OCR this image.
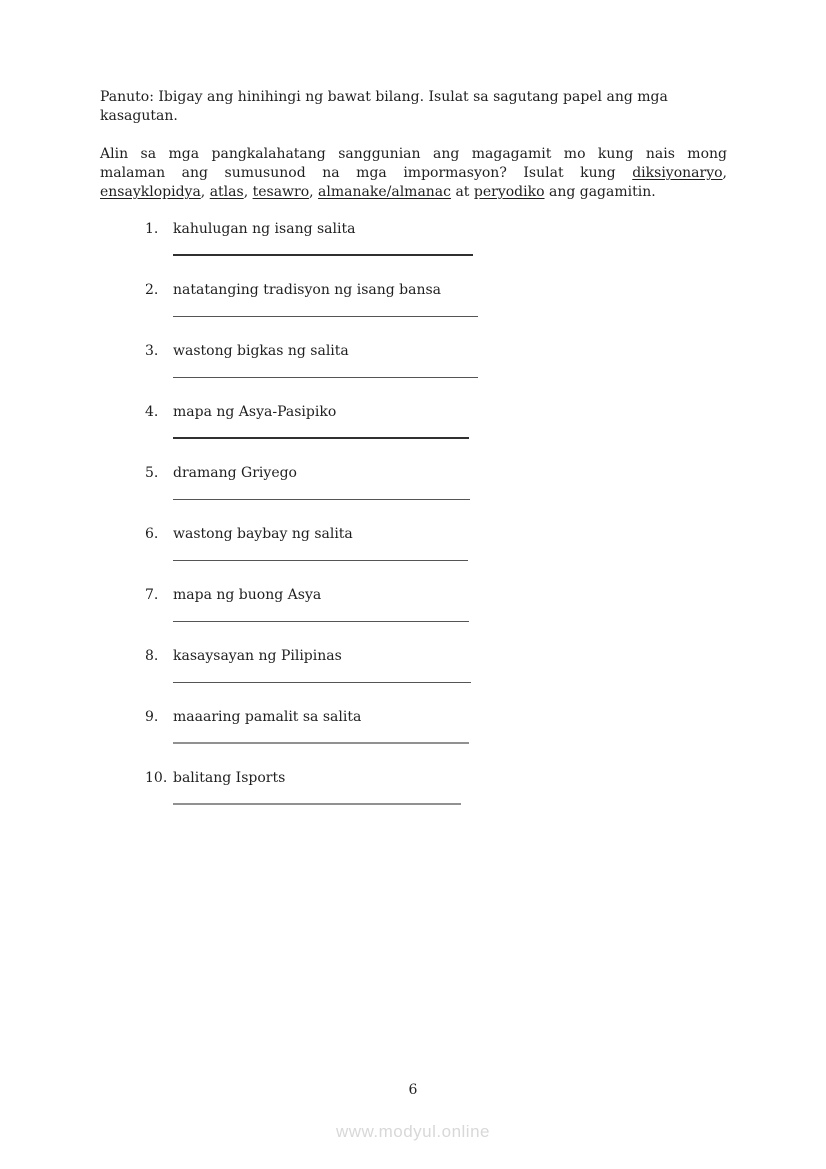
Panuto: Ibigay ang hinihingi ng bawat bilang. Isulat sa sagutang papel ang mga
kasagutan.
Alin sa mga pangkalahatang sanggunian ang magagamit mo kung nais mong
malaman ang sumusunod na mga impormasyon? Isulat kung diksiyonaryo,
ensayklopidya, atlas, tesawro, almanake/almanac at peryodiko ang gagamitin.
1. kahulugan ng isang salita
2. natatanging tradisyon ng isang bansa
3. wastong bigkas ng salita
4. mapa ng Asya-Pasipiko
5. dramang Griyego
6. wastong baybay ng salita
7. mapa ng buong Asya
8. kasaysayan ng Pilipinas
9. maaaring pamalit sa salita
10. balitang Isports
6
www.modyul.online
